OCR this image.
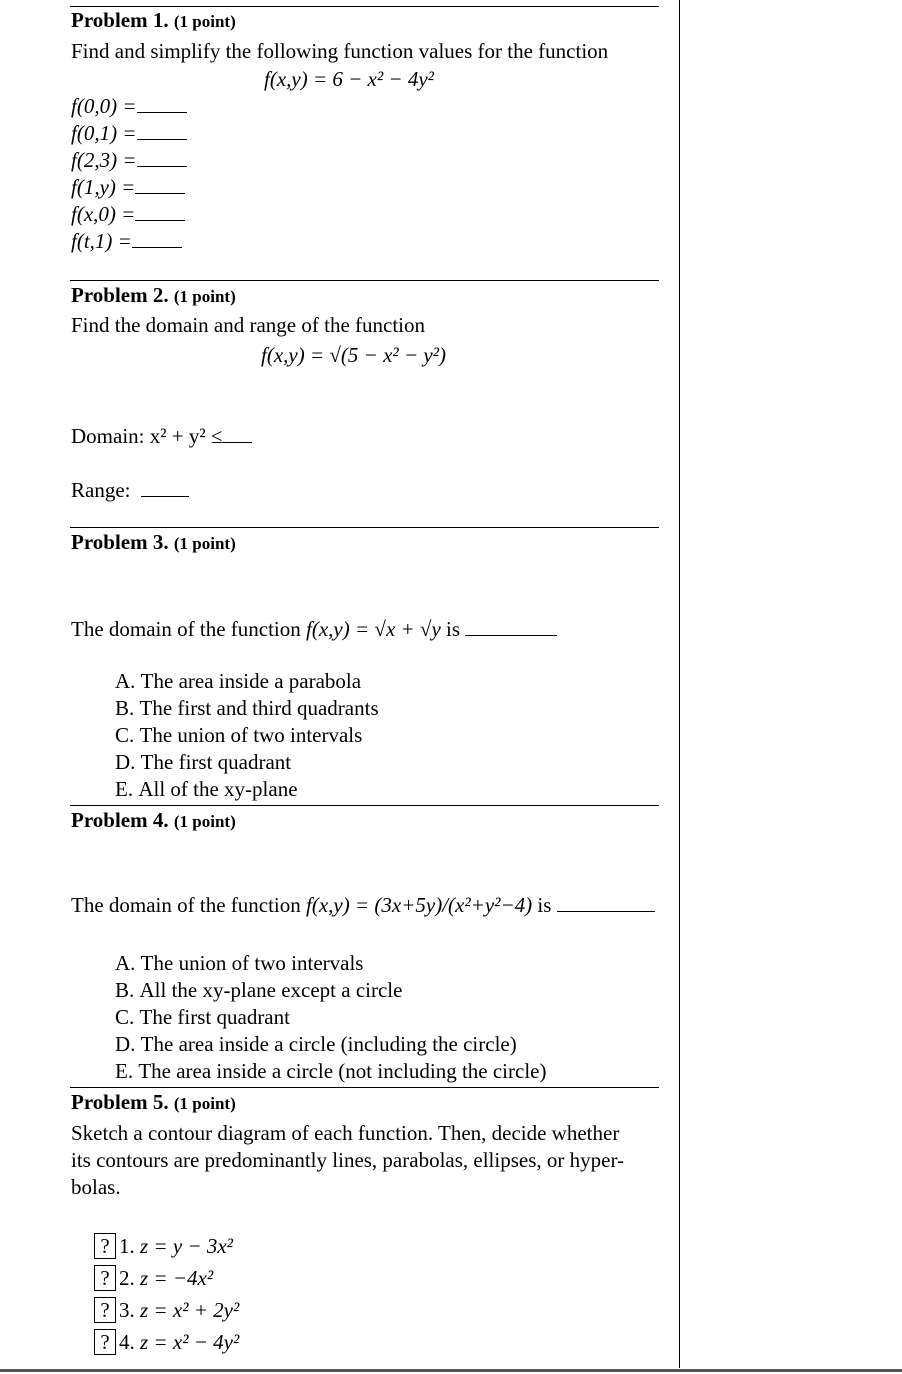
Problem 1. (1 point)
Find and simplify the following function values for the function
f(x,y) = 6 − x² − 4y²
f(0,0) =
f(0,1) =
f(2,3) =
f(1,y) =
f(x,0) =
f(t,1) =
Problem 2. (1 point)
Find the domain and range of the function
f(x,y) = √(5 − x² − y²)
Domain: x² + y² ≤
Range:
Problem 3. (1 point)
The domain of the function f(x,y) = √x + √y is
A. The area inside a parabola
B. The first and third quadrants
C. The union of two intervals
D. The first quadrant
E. All of the xy-plane
Problem 4. (1 point)
The domain of the function f(x,y) = (3x+5y)/(x²+y²−4) is
A. The union of two intervals
B. All the xy-plane except a circle
C. The first quadrant
D. The area inside a circle (including the circle)
E. The area inside a circle (not including the circle)
Problem 5. (1 point)
Sketch a contour diagram of each function. Then, decide whether
its contours are predominantly lines, parabolas, ellipses, or hyper-
bolas.
? 1. z = y − 3x²
? 2. z = −4x²
? 3. z = x² + 2y²
? 4. z = x² − 4y²
